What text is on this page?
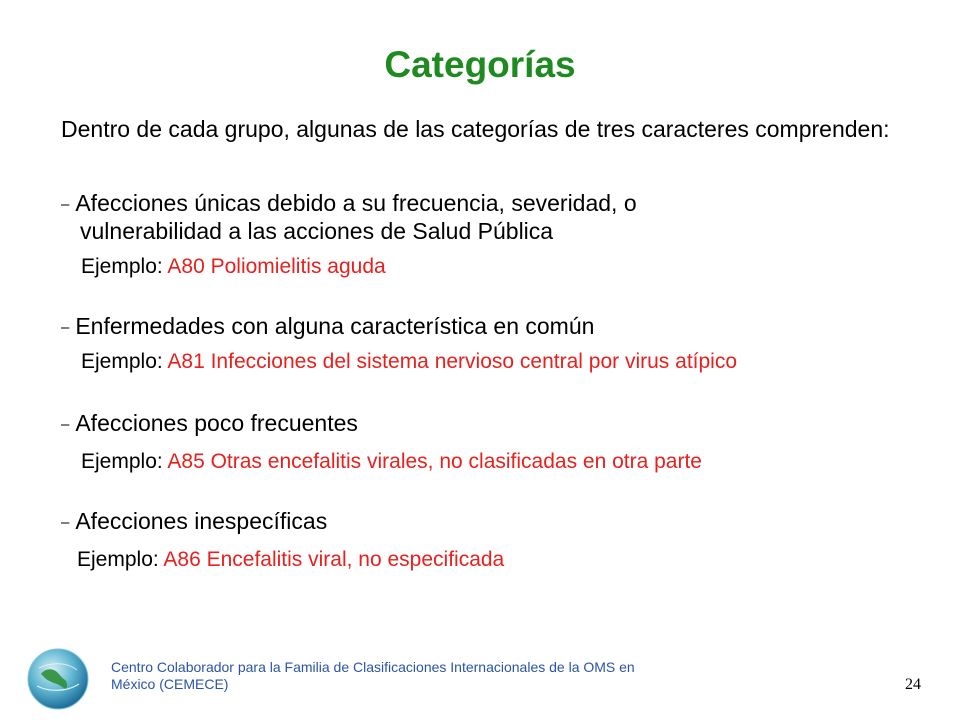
Categorías
Dentro de cada grupo, algunas de las categorías de tres caracteres comprenden:
– Afecciones únicas debido a su frecuencia, severidad, o
vulnerabilidad a las acciones de Salud Pública
Ejemplo: A80 Poliomielitis aguda
– Enfermedades con alguna característica en común
Ejemplo: A81 Infecciones del sistema nervioso central por virus atípico
– Afecciones poco frecuentes
Ejemplo: A85 Otras encefalitis virales, no clasificadas en otra parte
– Afecciones inespecíficas
Ejemplo: A86 Encefalitis viral, no especificada
Centro Colaborador para la Familia de Clasificaciones Internacionales de la OMS en México (CEMECE)	24
